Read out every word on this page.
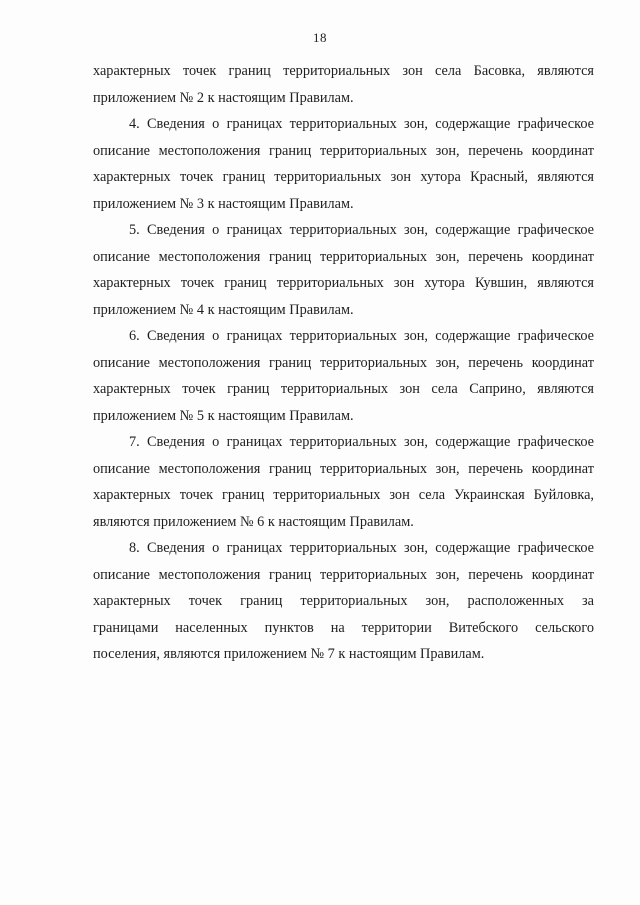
18

характерных точек границ территориальных зон села Басовка, являются
приложением № 2 к настоящим Правилам.

4. Сведения о границах территориальных зон, содержащие графическое
описание местоположения границ территориальных зон, перечень координат
характерных точек границ территориальных зон хутора Красный, являются
приложением № 3 к настоящим Правилам.

5. Сведения о границах территориальных зон, содержащие графическое
описание местоположения границ территориальных зон, перечень координат
характерных точек границ территориальных зон хутора Кувшин, являются
приложением № 4 к настоящим Правилам.

6. Сведения о границах территориальных зон, содержащие графическое
описание местоположения границ территориальных зон, перечень координат
характерных точек границ территориальных зон села Саприно, являются
приложением № 5 к настоящим Правилам.

7. Сведения о границах территориальных зон, содержащие графическое
описание местоположения границ территориальных зон, перечень координат
характерных точек границ территориальных зон села Украинская Буйловка,
являются приложением № 6 к настоящим Правилам.

8. Сведения о границах территориальных зон, содержащие графическое
описание местоположения границ территориальных зон, перечень координат
характерных точек границ территориальных зон, расположенных за
границами населенных пунктов на территории Витебского сельского
поселения, являются приложением № 7 к настоящим Правилам.
